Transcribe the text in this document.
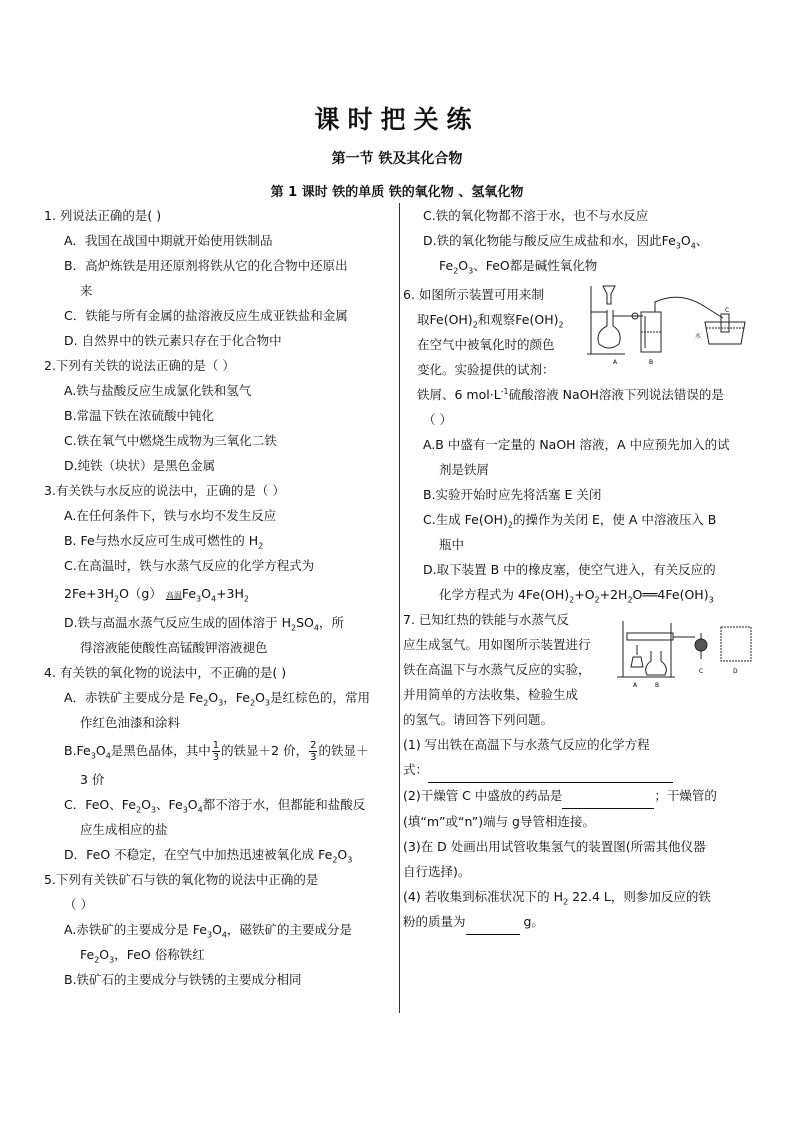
课时把关练
第一节 铁及其化合物
第 1 课时 铁的单质 铁的氧化物 、氢氧化物
1. 列说法正确的是( )
A．我国在战国中期就开始使用铁制品
B．高炉炼铁是用还原剂将铁从它的化合物中还原出
来
C．铁能与所有金属的盐溶液反应生成亚铁盐和金属
D. 自然界中的铁元素只存在于化合物中
2.下列有关铁的说法正确的是（ ）
A.铁与盐酸反应生成氯化铁和氢气
B.常温下铁在浓硫酸中钝化
C.铁在氧气中燃烧生成物为三氧化二铁
D.纯铁（块状）是黑色金属
3.有关铁与水反应的说法中，正确的是（ ）
A.在任何条件下，铁与水均不发生反应
B. Fe与热水反应可生成可燃性的 $H_2$
C.在高温时，铁与水蒸气反应的化学方程式为
$2Fe+3H_2O(g)$ 高温 $Fe_3O_4+3H_2$
D.铁与高温水蒸气反应生成的固体溶于 $H_2SO_4$，所
得溶液能使酸性高锰酸钾溶液褪色
4. 有关铁的氧化物的说法中，不正确的是( )
A．赤铁矿主要成分是 $Fe_2O_3$，$Fe_2O_3$是红棕色的，常用
作红色油漆和涂料
$B.Fe_3O_4$是黑色晶体，其中 $\frac{1}{3}$ 的铁显＋2 价， $\frac{2}{3}$ 的铁显＋
3 价
C．FeO、$Fe_2O_3$、$Fe_3O_4$都不溶于水，但都能和盐酸反
应生成相应的盐
D．FeO 不稳定，在空气中加热迅速被氧化成 $Fe_2O_3$
5.下列有关铁矿石与铁的氧化物的说法中正确的是
（ ）
A.赤铁矿的主要成分是 $Fe_3O_4$，磁铁矿的主要成分是
$Fe_2O_3$，FeO 俗称铁红
B.铁矿石的主要成分与铁锈的主要成分相同
C.铁的氧化物都不溶于水，也不与水反应
D.铁的氧化物能与酸反应生成盐和水，因此$Fe_3O_4$、
$Fe_2O_3$、FeO都是碱性氧化物
A	B
C
水
6. 如图所示装置可用来制
取$Fe(OH)_2$和观察$Fe(OH)_2$
在空气中被氧化时的颜色
变化。实验提供的试剂：
铁屑、6 $mol\cdot L^{-1}$硫酸溶液 NaOH溶液下列说法错误的是
（ ）
A.B 中盛有一定量的 NaOH 溶液，A 中应预先加入的试
剂是铁屑
B.实验开始时应先将活塞 E 关闭
C.生成 $Fe(OH)_2$的操作为关闭 E，使 A 中溶液压入 B
瓶中
D.取下装置 B 中的橡皮塞，使空气进入，有关反应的
化学方程式为 $4Fe(OH)_2+O_2+2H_2O══4Fe(OH)_3$
A	B
C	D
7. 已知红热的铁能与水蒸气反
应生成氢气。用如图所示装置进行
铁在高温下与水蒸气反应的实验，
并用简单的方法收集、检验生成
的氢气。请回答下列问题。
(1) 写出铁在高温下与水蒸气反应的化学方程
式：
(2)干燥管 C 中盛放的药品是	；干燥管的
(填“m”或“n”)端与 g导管相连接。
(3)在 D 处画出用试管收集氢气的装置图(所需其他仪器
自行选择)。
(4) 若收集到标准状况下的 $H_2$ 22.4 L，则参加反应的铁
粉的质量为	g。
